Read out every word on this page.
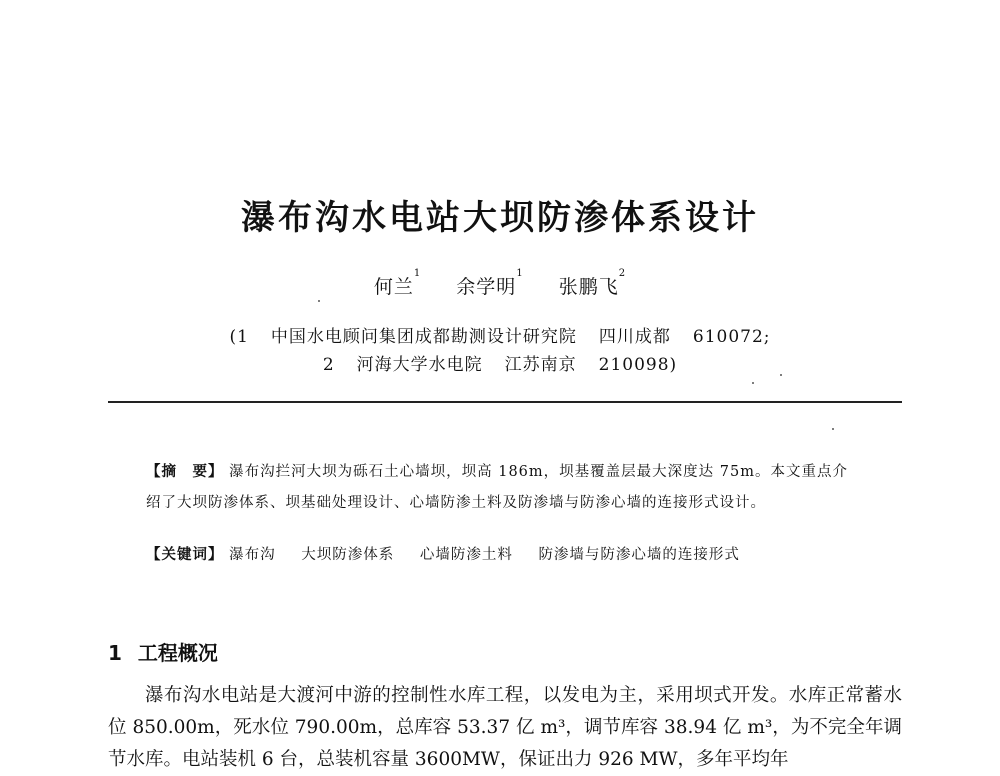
瀑布沟水电站大坝防渗体系设计
何兰$^1$ 余学明$^1$ 张鹏飞$^2$
(1 中国水电顾问集团成都勘测设计研究院 四川成都 610072;
2 河海大学水电院 江苏南京 210098)
【摘　要】 瀑布沟拦河大坝为砾石土心墙坝，坝高 186m，坝基覆盖层最大深度达 75m。本文重点介绍了大坝防渗体系、坝基础处理设计、心墙防渗土料及防渗墙与防渗心墙的连接形式设计。
【关键词】 瀑布沟 大坝防渗体系 心墙防渗土料 防渗墙与防渗心墙的连接形式
1 工程概况
瀑布沟水电站是大渡河中游的控制性水库工程，以发电为主，采用坝式开发。水库正常蓄水位 850.00m，死水位 790.00m，总库容 53.37 亿 m³，调节库容 38.94 亿 m³，为不完全年调节水库。电站装机 6 台，总装机容量 3600MW，保证出力 926 MW，多年平均年
